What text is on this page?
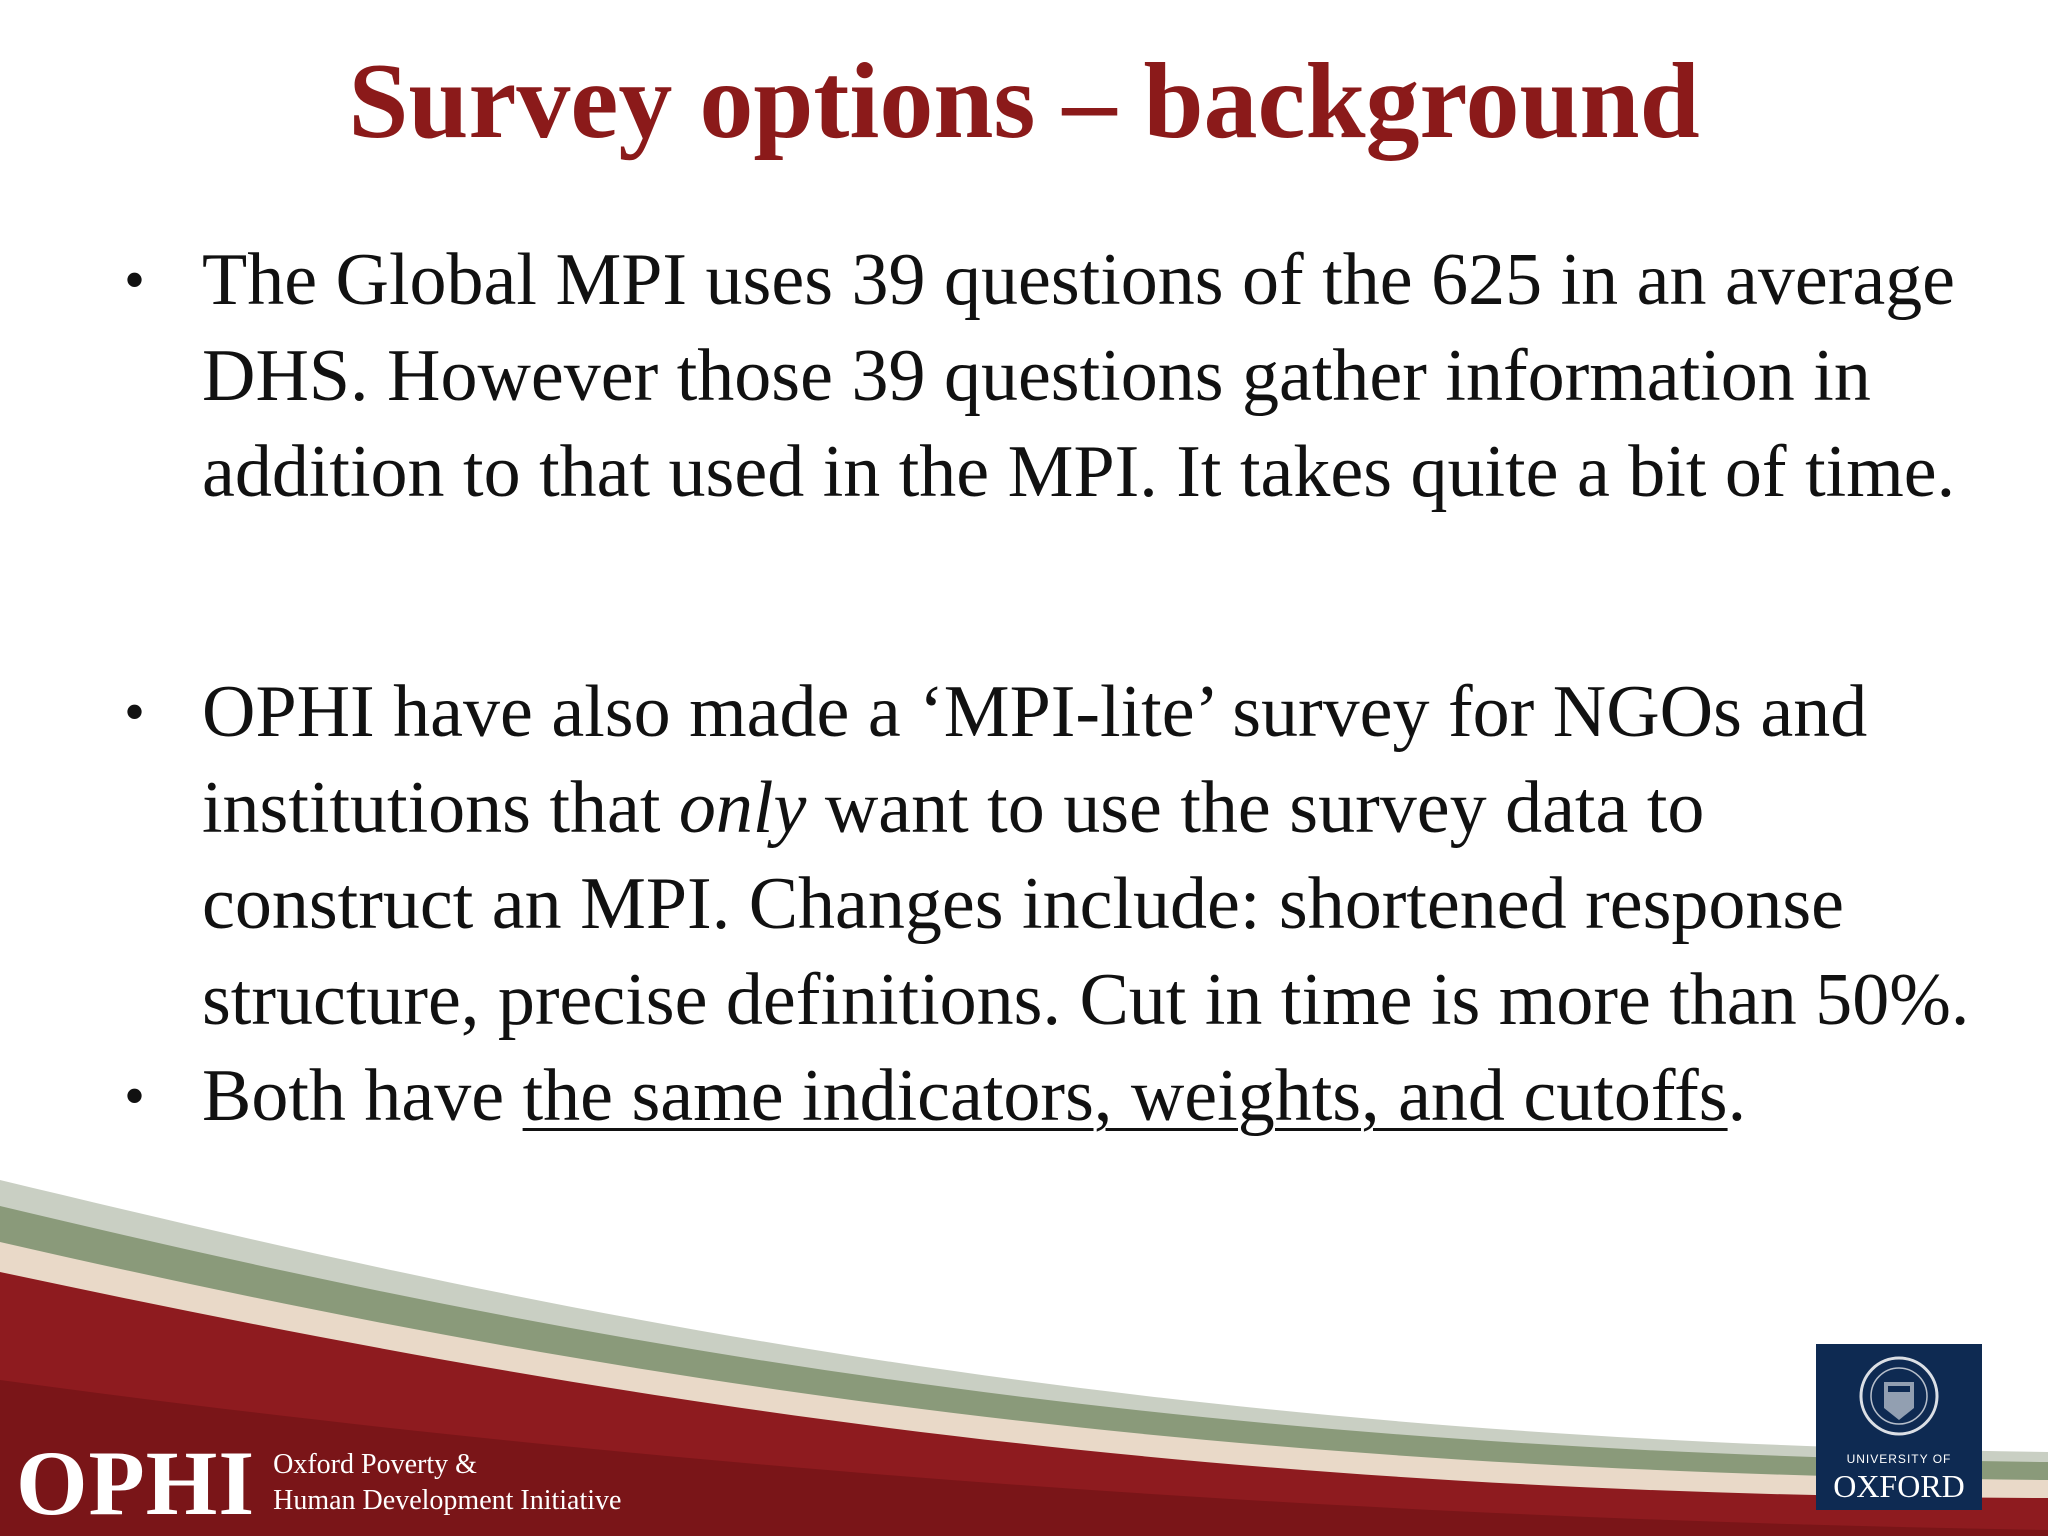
Survey options – background
• The Global MPI uses 39 questions of the 625 in an average DHS. However those 39 questions gather information in addition to that used in the MPI. It takes quite a bit of time.
• OPHI have also made a ‘MPI-lite’ survey for NGOs and institutions that only want to use the survey data to construct an MPI. Changes include: shortened response structure, precise definitions. Cut in time is more than 50%.
• Both have the same indicators, weights, and cutoffs.
OPHI Oxford Poverty &
Human Development Initiative
UNIVERSITY OF
OXFORD
